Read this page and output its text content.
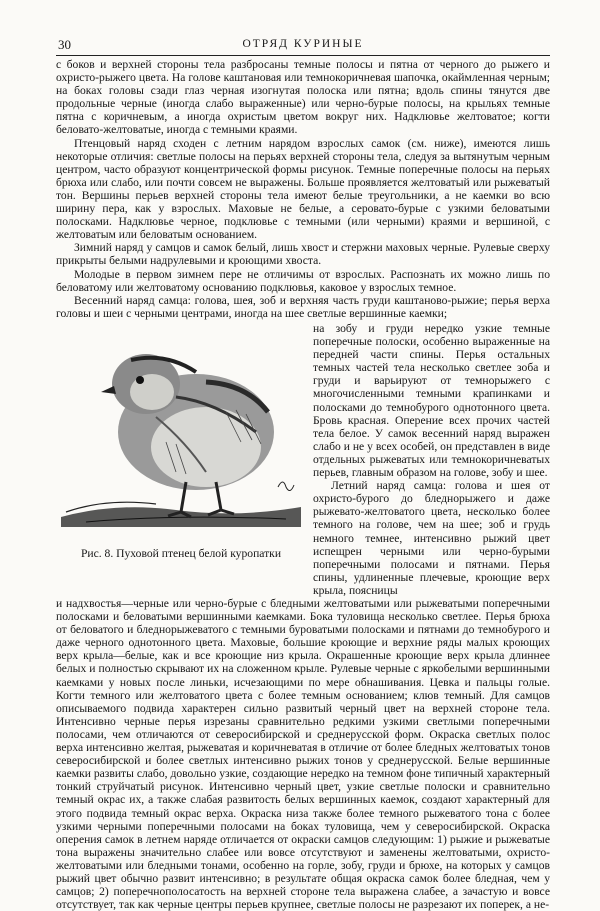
30	ОТРЯД КУРИНЫЕ

с боков и верхней стороны тела разбросаны темные полосы и пятна от черного до рыжего и охристо-рыжего цвета. На голове каштановая или темнокоричневая шапочка, окаймленная черным; на боках головы сзади глаз черная изогнутая полоска или пятна; вдоль спины тянутся две продольные черные (иногда слабо выраженные) или черно-бурые полосы, на крыльях темные пятна с коричневым, а иногда охристым цветом вокруг них. Надклювье желтоватое; когти беловато-желтоватые, иногда с темными краями.

Птенцовый наряд сходен с летним нарядом взрослых самок (см. ниже), имеются лишь некоторые отличия: светлые полосы на перьях верхней стороны тела, следуя за вытянутым черным центром, часто образуют концентрической формы рисунок. Темные поперечные полосы на перьях брюха или слабо, или почти совсем не выражены. Больше проявляется желтоватый или рыжеватый тон. Вершины перьев верхней стороны тела имеют белые треугольники, а не каемки во всю ширину пера, как у взрослых. Маховые не белые, а серовато-бурые с узкими беловатыми полосками. Надклювье черное, подклювье с темными (или черными) краями и вершиной, с желтоватым или беловатым основанием.

Зимний наряд у самцов и самок белый, лишь хвост и стержни маховых черные. Рулевые сверху прикрыты белыми надрулевыми и кроющими хвоста.

Молодые в первом зимнем пере не отличимы от взрослых. Распознать их можно лишь по беловатому или желтоватому основанию подклювья, каковое у взрослых темное.

Весенний наряд самца: голова, шея, зоб и верхняя часть груди каштаново-рыжие; перья верха головы и шеи с черными центрами, иногда на шее светлые вершинные каемки;

Рис. 8. Пуховой птенец белой куропатки

на зобу и груди нередко узкие темные поперечные полоски, особенно выраженные на передней части спины. Перья остальных темных частей тела несколько светлее зоба и груди и варьируют от темнорыжего с многочисленными темными крапинками и полосками до темнобурого однотонного цвета. Бровь красная. Оперение всех прочих частей тела белое. У самок весенний наряд выражен слабо и не у всех особей, он представлен в виде отдельных рыжеватых или темнокоричневатых перьев, главным образом на голове, зобу и шее.

Летний наряд самца: голова и шея от охристо-бурого до бледнорыжего и даже рыжевато-желтоватого цвета, несколько более темного на голове, чем на шее; зоб и грудь немного темнее, интенсивно рыжий цвет испещрен черными или черно-бурыми поперечными полосами и пятнами. Перья спины, удлиненные плечевые, кроющие верх крыла, поясницы

и надхвостья—черные или черно-бурые с бледными желтоватыми или рыжеватыми поперечными полосками и беловатыми вершинными каемками. Бока туловища несколько светлее. Перья брюха от беловатого и бледнорыжеватого с темными буроватыми полосками и пятнами до темнобурого и даже черного однотонного цвета. Маховые, большие кроющие и верхние ряды малых кроющих верх крыла—белые, как и все кроющие низ крыла. Окрашенные кроющие верх крыла длиннее белых и полностью скрывают их на сложенном крыле. Рулевые черные с яркобелыми вершинными каемками у новых после линьки, исчезающими по мере обнашивания. Цевка и пальцы голые. Когти темного или желтоватого цвета с более темным основанием; клюв темный. Для самцов описываемого подвида характерен сильно развитый черный цвет на верхней стороне тела. Интенсивно черные перья изрезаны сравнительно редкими узкими светлыми поперечными полосами, чем отличаются от северосибирской и среднерусской форм. Окраска светлых полос верха интенсивно желтая, рыжеватая и коричневатая в отличие от более бледных желтоватых тонов северосибирской и более светлых интенсивно рыжих тонов у среднерусской. Белые вершинные каемки развиты слабо, довольно узкие, создающие нередко на темном фоне типичный характерный тонкий струйчатый рисунок. Интенсивно черный цвет, узкие светлые полоски и сравнительно темный окрас их, а также слабая развитость белых вершинных каемок, создают характерный для этого подвида темный окрас верха. Окраска низа также более темного рыжеватого тона с более узкими черными поперечными полосами на боках туловища, чем у северосибирской. Окраска оперения самок в летнем наряде отличается от окраски самцов следующим: 1) рыжие и рыжеватые тона выражены значительно слабее или вовсе отсутствуют и заменены желтоватыми, охристо-желтоватыми или бледными тонами, особенно на горле, зобу, груди и брюхе, на которых у самцов рыжий цвет обычно развит интенсивно; в результате общая окраска самок более бледная, чем у самцов; 2) поперечнополосатость на верхней стороне тела выражена слабее, а зачастую и вовсе отсутствует, так как черные центры перьев крупнее, светлые полосы не разрезают их поперек, а не-
